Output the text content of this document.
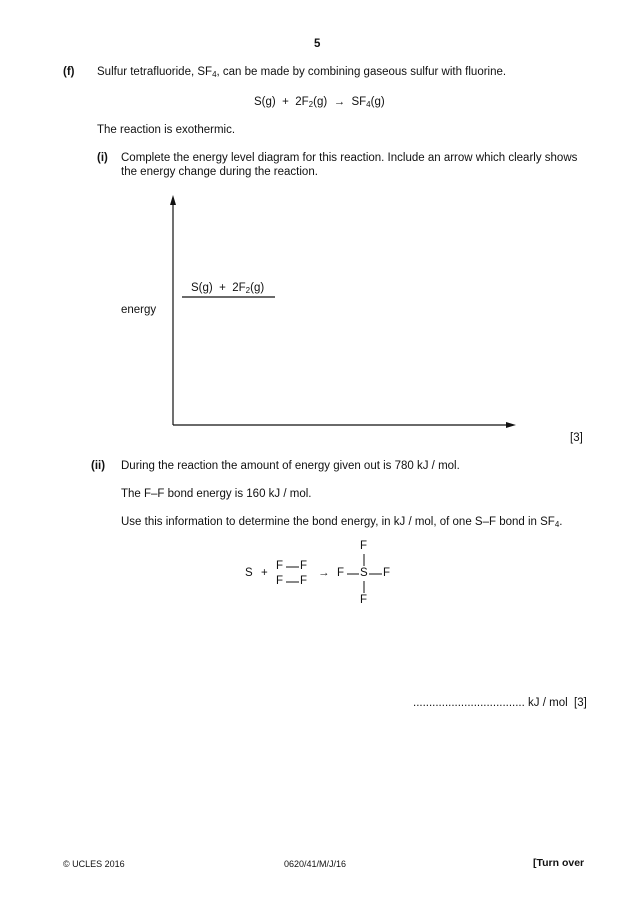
5
(f) Sulfur tetrafluoride, $SF_4$, can be made by combining gaseous sulfur with fluorine.
$S(g) + 2F_2(g) \to SF_4(g)$
The reaction is exothermic.
(i) Complete the energy level diagram for this reaction. Include an arrow which clearly shows
the energy change during the reaction.
$S(g) + 2F_2(g)$
energy
[3]
(ii) During the reaction the amount of energy given out is 780 kJ / mol.
The F–F bond energy is 160 kJ / mol.
Use this information to determine the bond energy, in kJ / mol, of one S–F bond in $SF_4$.
S +
F F
F F
→
F
F S F
F
................................... kJ / mol [3]
© UCLES 2016	0620/41/M/J/16	[Turn over
